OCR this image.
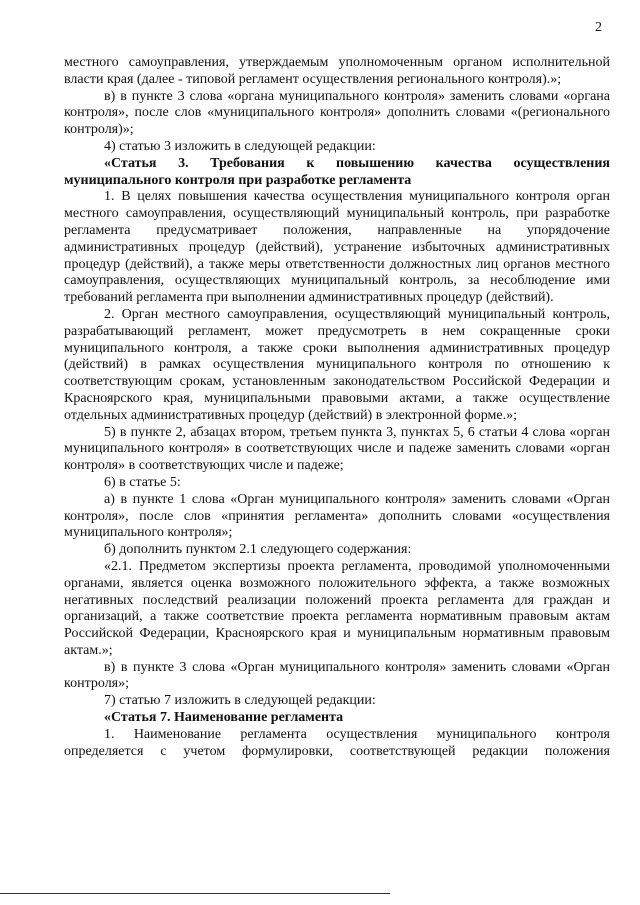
2

местного самоуправления, утверждаемым уполномоченным органом исполнительной власти края (далее - типовой регламент осуществления регионального контроля).»;

в) в пункте 3 слова «органа муниципального контроля» заменить словами «органа контроля», после слов «муниципального контроля» дополнить словами «(регионального контроля)»;

4) статью 3 изложить в следующей редакции:

«Статья 3. Требования к повышению качества осуществления муниципального контроля при разработке регламента

1. В целях повышения качества осуществления муниципального контроля орган местного самоуправления, осуществляющий муниципальный контроль, при разработке регламента предусматривает положения, направленные на упорядочение административных процедур (действий), устранение избыточных административных процедур (действий), а также меры ответственности должностных лиц органов местного самоуправления, осуществляющих муниципальный контроль, за несоблюдение ими требований регламента при выполнении административных процедур (действий).

2. Орган местного самоуправления, осуществляющий муниципальный контроль, разрабатывающий регламент, может предусмотреть в нем сокращенные сроки муниципального контроля, а также сроки выполнения административных процедур (действий) в рамках осуществления муниципального контроля по отношению к соответствующим срокам, установленным законодательством Российской Федерации и Красноярского края, муниципальными правовыми актами, а также осуществление отдельных административных процедур (действий) в электронной форме.»;

5) в пункте 2, абзацах втором, третьем пункта 3, пунктах 5, 6 статьи 4 слова «орган муниципального контроля» в соответствующих числе и падеже заменить словами «орган контроля» в соответствующих числе и падеже;

6) в статье 5:

а) в пункте 1 слова «Орган муниципального контроля» заменить словами «Орган контроля», после слов «принятия регламента» дополнить словами «осуществления муниципального контроля»;

б) дополнить пунктом 2.1 следующего содержания:

«2.1. Предметом экспертизы проекта регламента, проводимой уполномоченными органами, является оценка возможного положительного эффекта, а также возможных негативных последствий реализации положений проекта регламента для граждан и организаций, а также соответствие проекта регламента нормативным правовым актам Российской Федерации, Красноярского края и муниципальным нормативным правовым актам.»;

в) в пункте 3 слова «Орган муниципального контроля» заменить словами «Орган контроля»;

7) статью 7 изложить в следующей редакции:

«Статья 7. Наименование регламента

1. Наименование регламента осуществления муниципального контроля определяется с учетом формулировки, соответствующей редакции положения
